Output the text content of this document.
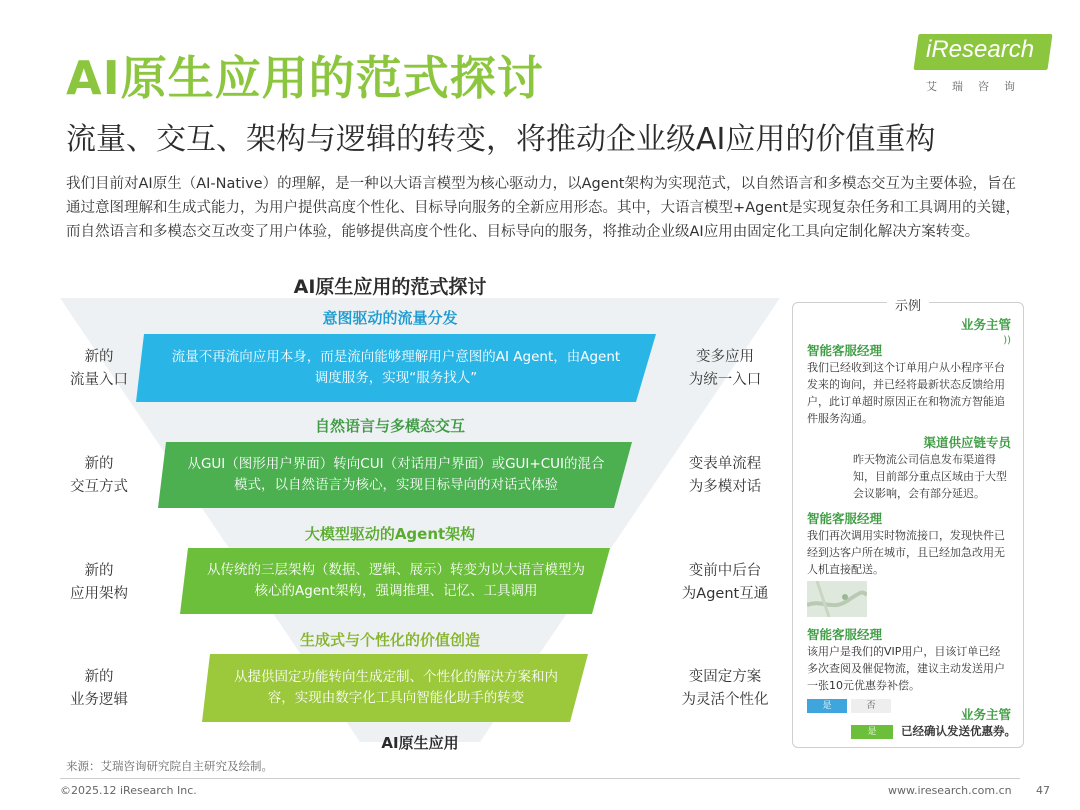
AI原生应用的范式探讨
流量、交互、架构与逻辑的转变，将推动企业级AI应用的价值重构
iResearch
艾瑞咨询
我们目前对AI原生（AI-Native）的理解，是一种以大语言模型为核心驱动力，以Agent架构为实现范式，以自然语言和多模态交互为主要体验，旨在通过意图理解和生成式能力，为用户提供高度个性化、目标导向服务的全新应用形态。其中，大语言模型+Agent是实现复杂任务和工具调用的关键，而自然语言和多模态交互改变了用户体验，能够提供高度个性化、目标导向的服务，将推动企业级AI应用由固定化工具向定制化解决方案转变。
AI原生应用的范式探讨
意图驱动的流量分发
流量不再流向应用本身，而是流向能够理解用户意图的AI Agent，由Agent调度服务，实现“服务找人”
新的
流量入口
变多应用
为统一入口
自然语言与多模态交互
从GUI（图形用户界面）转向CUI（对话用户界面）或GUI+CUI的混合模式，以自然语言为核心，实现目标导向的对话式体验
新的
交互方式
变表单流程
为多模对话
大模型驱动的Agent架构
从传统的三层架构（数据、逻辑、展示）转变为以大语言模型为核心的Agent架构，强调推理、记忆、工具调用
新的
应用架构
变前中后台
为Agent互通
生成式与个性化的价值创造
从提供固定功能转向生成定制、个性化的解决方案和内容，实现由数字化工具向智能化助手的转变
新的
业务逻辑
变固定方案
为灵活个性化
AI原生应用
示例
业务主管
))
智能客服经理
我们已经收到这个订单用户从小程序平台发来的询问，并已经将最新状态反馈给用户，此订单超时原因正在和物流方智能追件服务沟通。
渠道供应链专员
昨天物流公司信息发布渠道得知，目前部分重点区域由于大型会议影响，会有部分延迟。
智能客服经理
我们再次调用实时物流接口，发现快件已经到达客户所在城市，且已经加急改用无人机直接配送。
智能客服经理
该用户是我们的VIP用户，目该订单已经多次查阅及催促物流，建议主动发送用户一张10元优惠券补偿。
是	否
业务主管
是	已经确认发送优惠券。
来源：艾瑞咨询研究院自主研究及绘制。
©2025.12 iResearch Inc.	www.iresearch.com.cn 47
